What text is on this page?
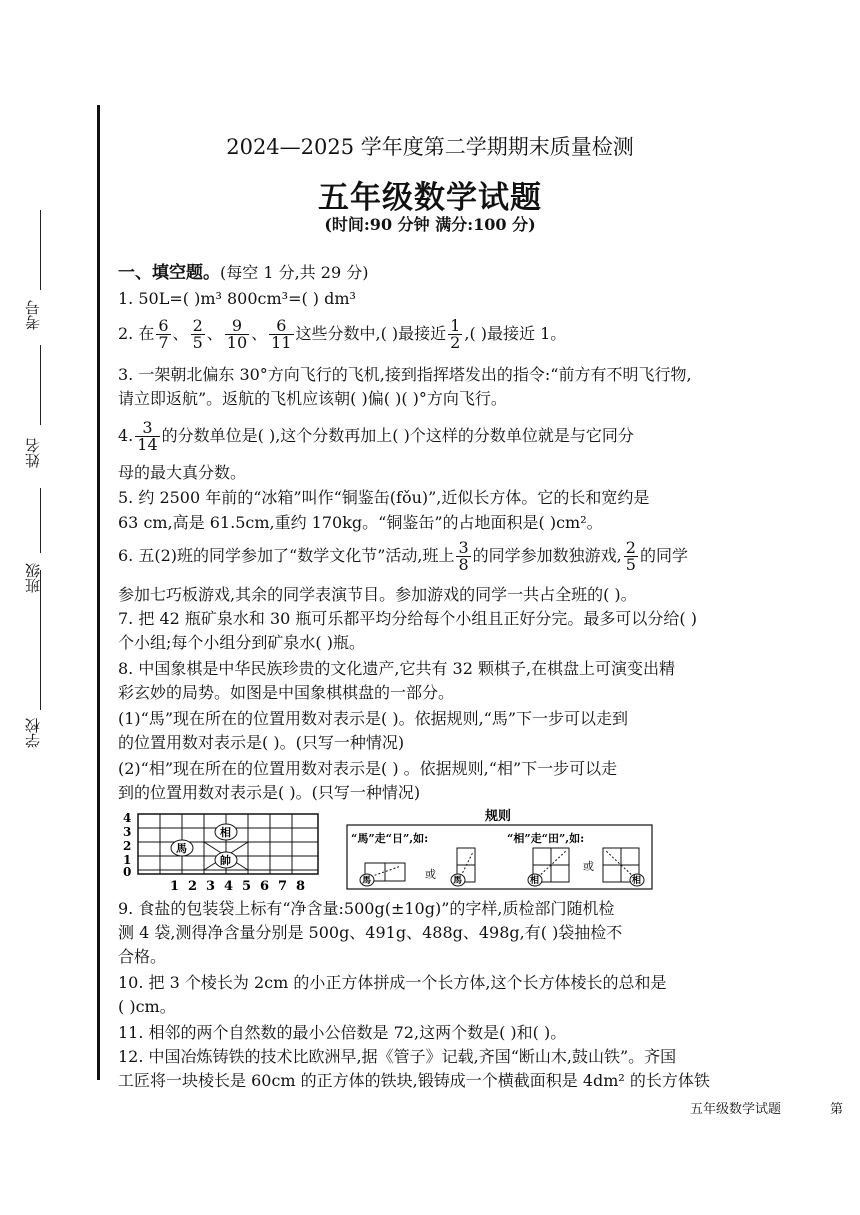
学校
班级
姓名
考号
2024—2025 学年度第二学期期末质量检测
五年级数学试题
(时间:90 分钟 满分:100 分)
一、填空题。(每空 1 分,共 29 分)
1. 50L=( )m³ 800cm³=( ) dm³
2. 在 $\frac{6}{7}$ 、 $\frac{2}{5}$ 、 $\frac{9}{10}$ 、 $\frac{6}{11}$ 这些分数中,( )最接近 $\frac{1}{2}$ ,( )最接近 1。
3. 一架朝北偏东 30°方向飞行的飞机,接到指挥塔发出的指令:“前方有不明飞行物,
请立即返航”。返航的飞机应该朝( )偏( )( )°方向飞行。
4. $\frac{3}{14}$ 的分数单位是( ),这个分数再加上( )个这样的分数单位就是与它同分
母的最大真分数。
5. 约 2500 年前的“冰箱”叫作“铜鉴缶(fǒu)”,近似长方体。它的长和宽约是
63 cm,高是 61.5cm,重约 170kg。“铜鉴缶”的占地面积是( )cm²。
6. 五(2)班的同学参加了“数学文化节”活动,班上 $\frac{3}{8}$ 的同学参加数独游戏, $\frac{2}{5}$ 的同学
参加七巧板游戏,其余的同学表演节目。参加游戏的同学一共占全班的( )。
7. 把 42 瓶矿泉水和 30 瓶可乐都平均分给每个小组且正好分完。最多可以分给( )
个小组;每个小组分到矿泉水( )瓶。
8. 中国象棋是中华民族珍贵的文化遗产,它共有 32 颗棋子,在棋盘上可演变出精
彩玄妙的局势。如图是中国象棋棋盘的一部分。
(1)“馬”现在所在的位置用数对表示是( )。依据规则,“馬”下一步可以走到
的位置用数对表示是( )。(只写一种情况)
(2)“相”现在所在的位置用数对表示是( ) 。依据规则,“相”下一步可以走
到的位置用数对表示是( )。(只写一种情况)
4
3
2
1
0
馬
相
帥
1 2 3 4 5 6 7 8
规则
“馬”走“日”,如:	“相”走“田”,如:
馬	或 馬	相
或
相
9. 食盐的包装袋上标有“净含量:500g(±10g)”的字样,质检部门随机检
测 4 袋,测得净含量分别是 500g、491g、488g、498g,有( )袋抽检不
合格。
10. 把 3 个棱长为 2cm 的小正方体拼成一个长方体,这个长方体棱长的总和是
( )cm。
11. 相邻的两个自然数的最小公倍数是 72,这两个数是( )和( )。
12. 中国冶炼铸铁的技术比欧洲早,据《管子》记载,齐国“断山木,鼓山铁”。齐国
工匠将一块棱长是 60cm 的正方体的铁块,锻铸成一个横截面积是 4dm² 的长方体铁
五年级数学试题	第
